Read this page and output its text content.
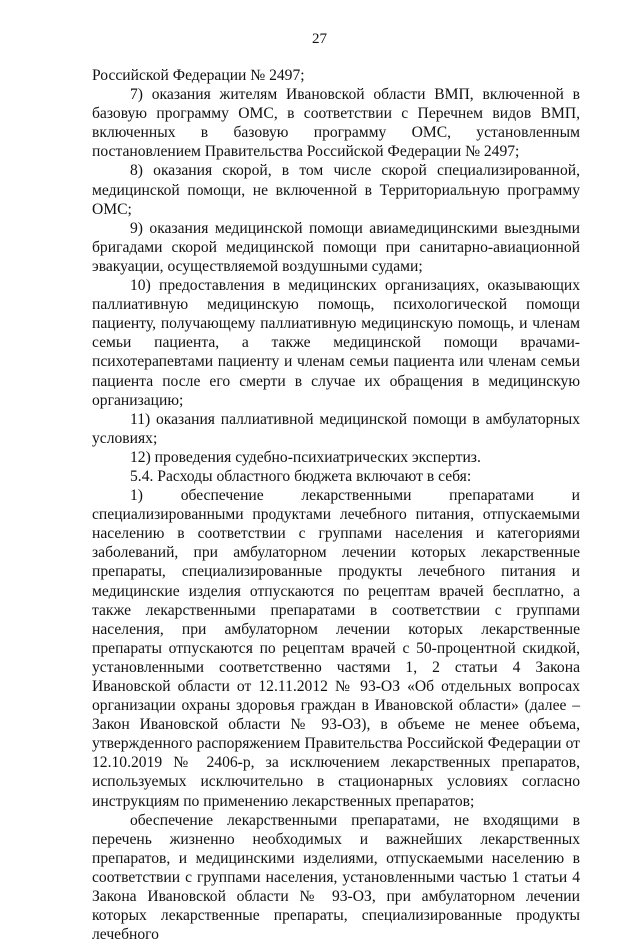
27

Российской Федерации № 2497;

7) оказания жителям Ивановской области ВМП, включенной в базовую программу ОМС, в соответствии с Перечнем видов ВМП, включенных в базовую программу ОМС, установленным постановлением Правительства Российской Федерации № 2497;

8) оказания скорой, в том числе скорой специализированной, медицинской помощи, не включенной в Территориальную программу ОМС;

9) оказания медицинской помощи авиамедицинскими выездными бригадами скорой медицинской помощи при санитарно-авиационной эвакуации, осуществляемой воздушными судами;

10) предоставления в медицинских организациях, оказывающих паллиативную медицинскую помощь, психологической помощи пациенту, получающему паллиативную медицинскую помощь, и членам семьи пациента, а также медицинской помощи врачами-психотерапевтами пациенту и членам семьи пациента или членам семьи пациента после его смерти в случае их обращения в медицинскую организацию;

11) оказания паллиативной медицинской помощи в амбулаторных условиях;

12) проведения судебно-психиатрических экспертиз.

5.4. Расходы областного бюджета включают в себя:

1) обеспечение лекарственными препаратами и специализированными продуктами лечебного питания, отпускаемыми населению в соответствии с группами населения и категориями заболеваний, при амбулаторном лечении которых лекарственные препараты, специализированные продукты лечебного питания и медицинские изделия отпускаются по рецептам врачей бесплатно, а также лекарственными препаратами в соответствии с группами населения, при амбулаторном лечении которых лекарственные препараты отпускаются по рецептам врачей с 50-процентной скидкой, установленными соответственно частями 1, 2 статьи 4 Закона Ивановской области от 12.11.2012 № 93-ОЗ «Об отдельных вопросах организации охраны здоровья граждан в Ивановской области» (далее – Закон Ивановской области № 93-ОЗ), в объеме не менее объема, утвержденного распоряжением Правительства Российской Федерации от 12.10.2019 № 2406-р, за исключением лекарственных препаратов, используемых исключительно в стационарных условиях согласно инструкциям по применению лекарственных препаратов;

обеспечение лекарственными препаратами, не входящими в перечень жизненно необходимых и важнейших лекарственных препаратов, и медицинскими изделиями, отпускаемыми населению в соответствии с группами населения, установленными частью 1 статьи 4 Закона Ивановской области № 93-ОЗ, при амбулаторном лечении которых лекарственные препараты, специализированные продукты лечебного
